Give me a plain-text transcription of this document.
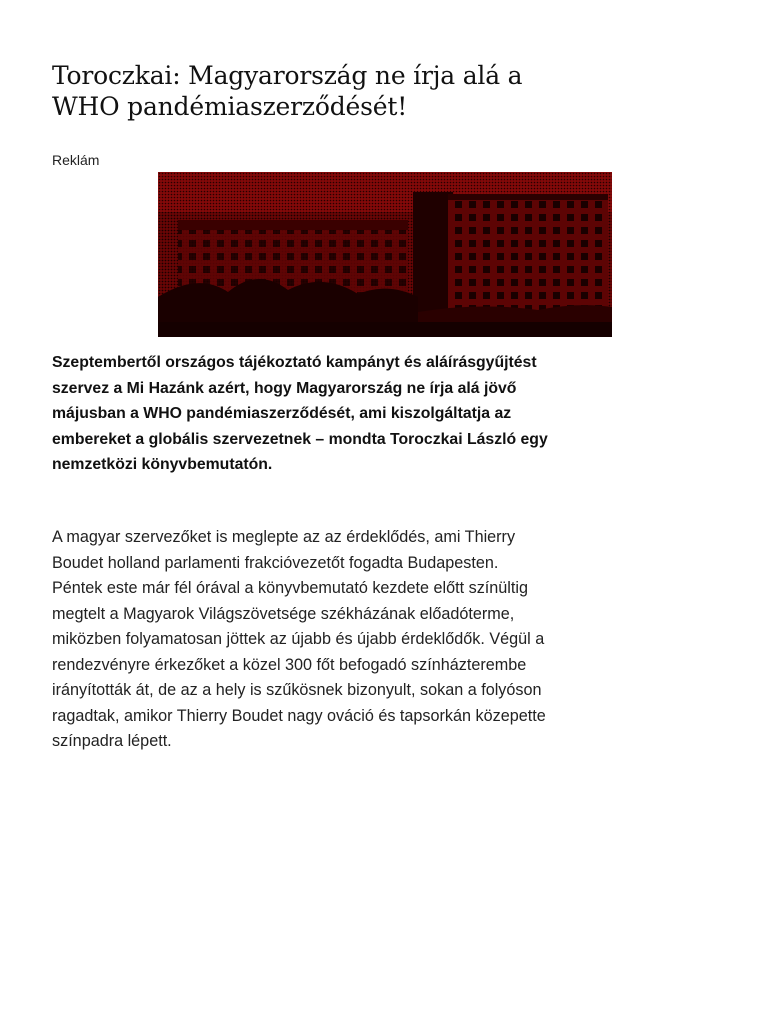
Toroczkai: Magyarország ne írja alá a WHO pandémiaszerződését!
Reklám

Szeptembertől országos tájékoztató kampányt és aláírásgyűjtést szervez a Mi Hazánk azért, hogy Magyarország ne írja alá jövő májusban a WHO pandémiaszerződését, ami kiszolgáltatja az embereket a globális szervezetnek – mondta Toroczkai László egy nemzetközi könyvbemutatón.

A magyar szervezőket is meglepte az az érdeklődés, ami Thierry Boudet holland parlamenti frakcióvezetőt fogadta Budapesten. Péntek este már fél órával a könyvbemutató kezdete előtt színültig megtelt a Magyarok Világszövetsége székházának előadóterme, miközben folyamatosan jöttek az újabb és újabb érdeklődők. Végül a rendezvényre érkezőket a közel 300 főt befogadó színházterembe irányították át, de az a hely is szűkösnek bizonyult, sokan a folyóson ragadtak, amikor Thierry Boudet nagy ováció és tapsorkán közepette színpadra lépett.
